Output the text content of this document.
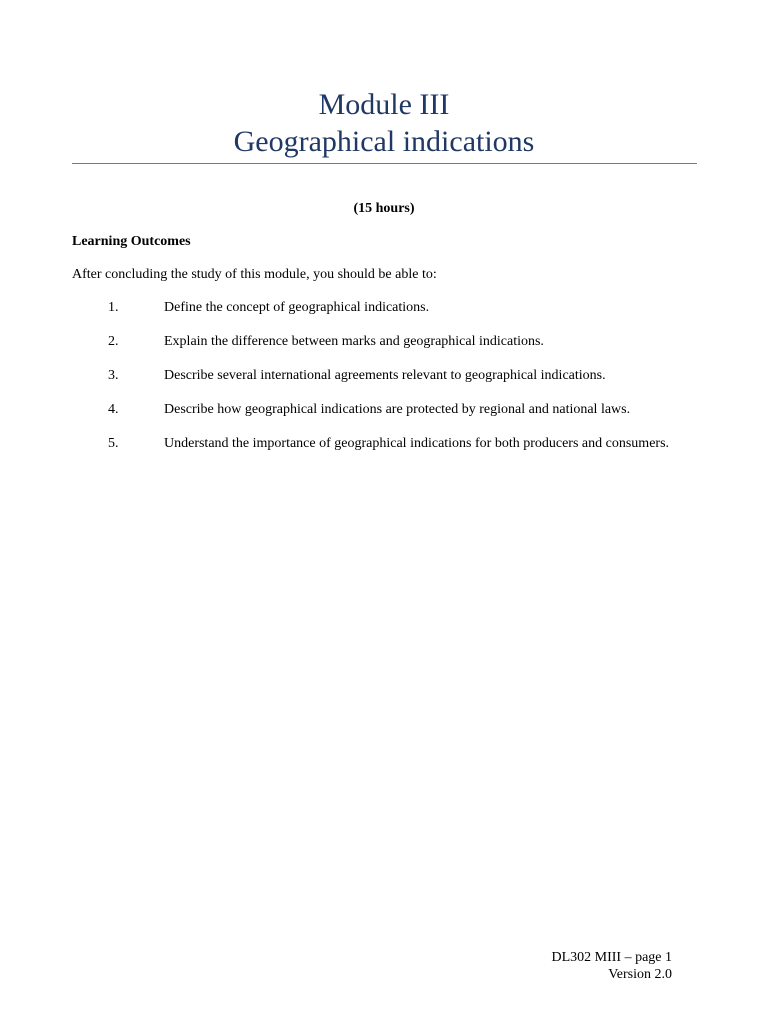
Module III
Geographical indications
(15 hours)
Learning Outcomes
After concluding the study of this module, you should be able to:
1.	Define the concept of geographical indications.
2.	Explain the difference between marks and geographical indications.
3.	Describe several international agreements relevant to geographical indications.
4.	Describe how geographical indications are protected by regional and national laws.
5.	Understand the importance of geographical indications for both producers and consumers.
DL302 MIII – page 1
Version 2.0
